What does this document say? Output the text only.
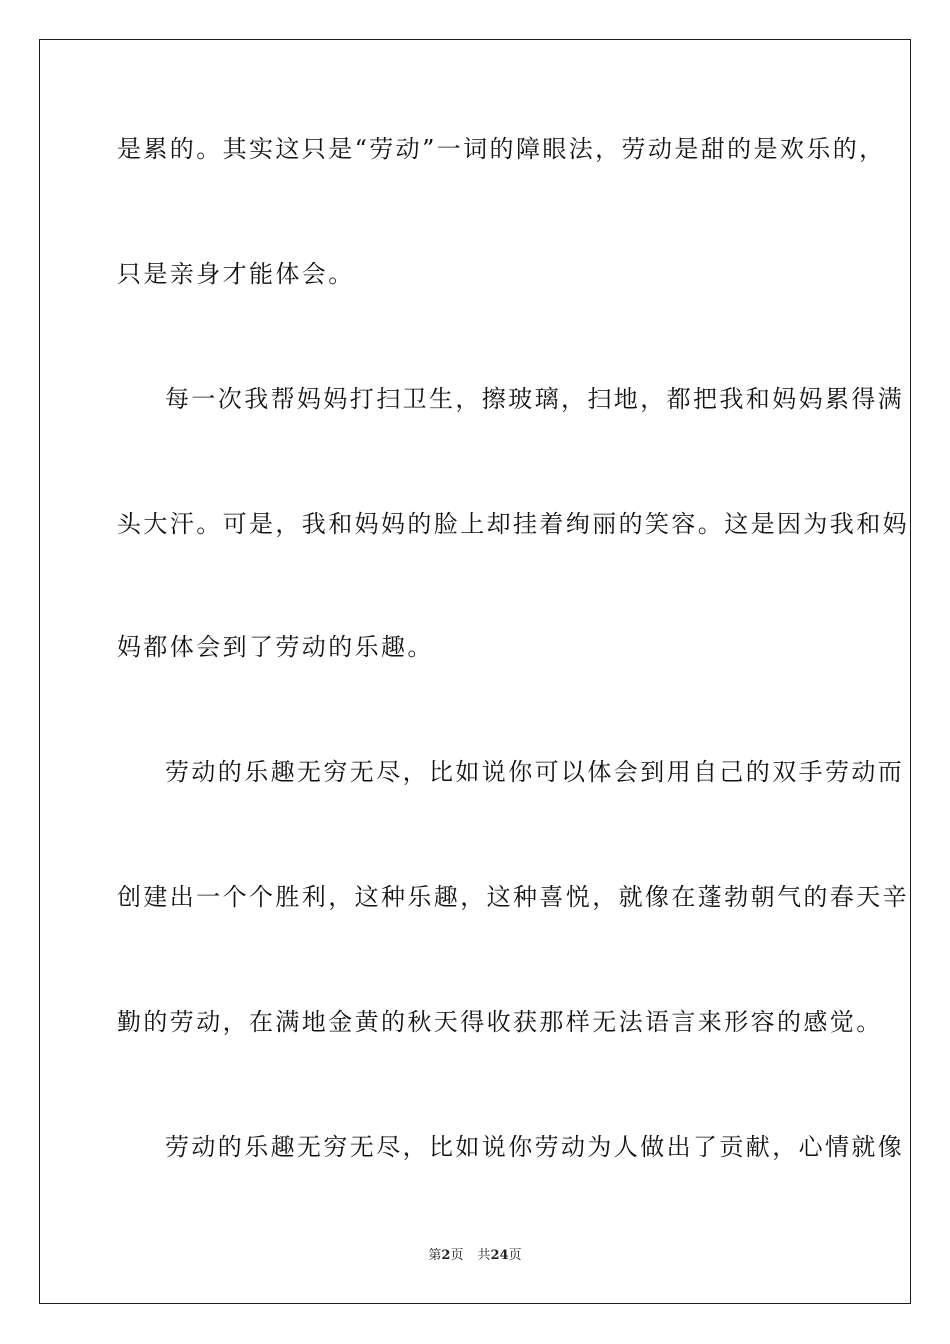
是累的。其实这只是“劳动”一词的障眼法，劳动是甜的是欢乐的，
只是亲身才能体会。
每一次我帮妈妈打扫卫生，擦玻璃，扫地，都把我和妈妈累得满
头大汗。可是，我和妈妈的脸上却挂着绚丽的笑容。这是因为我和妈
妈都体会到了劳动的乐趣。
劳动的乐趣无穷无尽，比如说你可以体会到用自己的双手劳动而
创建出一个个胜利，这种乐趣，这种喜悦，就像在蓬勃朝气的春天辛
勤的劳动，在满地金黄的秋天得收获那样无法语言来形容的感觉。
劳动的乐趣无穷无尽，比如说你劳动为人做出了贡献，心情就像
第2页 共24页
